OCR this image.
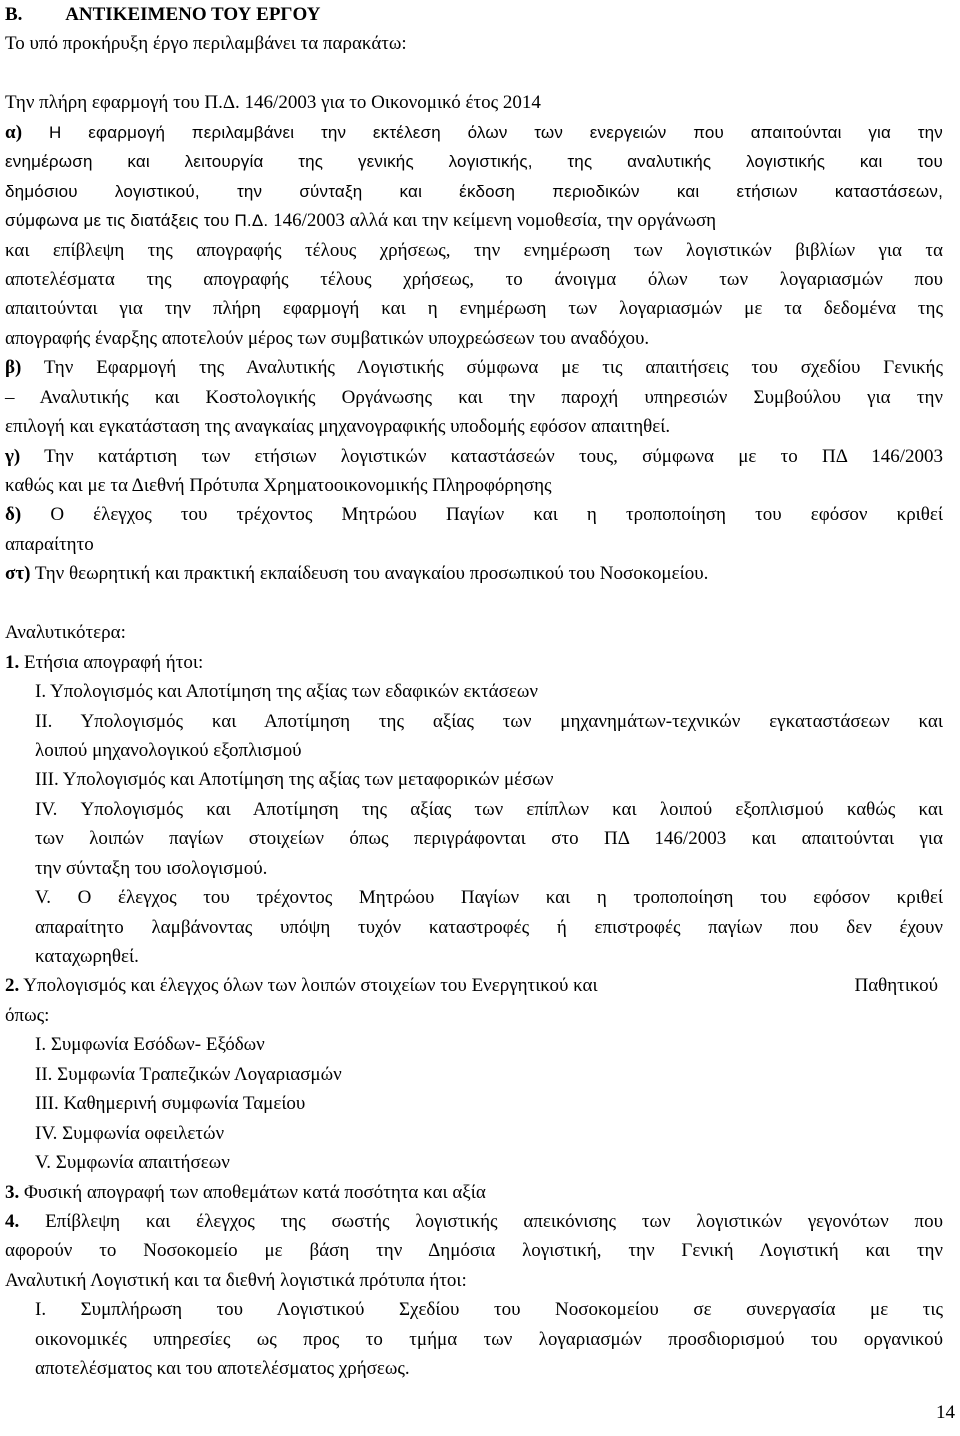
Β. ΑΝΤΙΚΕΙΜΕΝΟ ΤΟΥ ΕΡΓΟΥ
Το υπό προκήρυξη έργο περιλαμβάνει τα παρακάτω:
Την πλήρη εφαρμογή του Π.Δ. 146/2003 για το Οικονομικό έτος 2014
α) Η εφαρμογή περιλαμβάνει την εκτέλεση όλων των ενεργειών που απαιτούνται για την
ενημέρωση και λειτουργία της γενικής λογιστικής, της αναλυτικής λογιστικής και του
δημόσιου λογιστικού, την σύνταξη και έκδοση περιοδικών και ετήσιων καταστάσεων,
σύμφωνα με τις διατάξεις του Π.Δ. 146/2003 αλλά και την κείμενη νομοθεσία, την οργάνωση
και επίβλεψη της απογραφής τέλους χρήσεως, την ενημέρωση των λογιστικών βιβλίων για τα
αποτελέσματα της απογραφής τέλους χρήσεως, το άνοιγμα όλων των λογαριασμών που
απαιτούνται για την πλήρη εφαρμογή και η ενημέρωση των λογαριασμών με τα δεδομένα της
απογραφής έναρξης αποτελούν μέρος των συμβατικών υποχρεώσεων του αναδόχου.
β) Την Εφαρμογή της Αναλυτικής Λογιστικής σύμφωνα με τις απαιτήσεις του σχεδίου Γενικής
– Αναλυτικής και Κοστολογικής Οργάνωσης και την παροχή υπηρεσιών Συμβούλου για την
επιλογή και εγκατάσταση της αναγκαίας μηχανογραφικής υποδομής εφόσον απαιτηθεί.
γ) Την κατάρτιση των ετήσιων λογιστικών καταστάσεών τους, σύμφωνα με το ΠΔ 146/2003
καθώς και με τα Διεθνή Πρότυπα Χρηματοοικονομικής Πληροφόρησης
δ) Ο έλεγχος του τρέχοντος Μητρώου Παγίων και η τροποποίηση του εφόσον κριθεί
απαραίτητο
στ) Την θεωρητική και πρακτική εκπαίδευση του αναγκαίου προσωπικού του Νοσοκομείου.
Αναλυτικότερα:
1. Ετήσια απογραφή ήτοι:
Ι. Υπολογισμός και Αποτίμηση της αξίας των εδαφικών εκτάσεων
ΙΙ. Υπολογισμός και Αποτίμηση της αξίας των μηχανημάτων-τεχνικών εγκαταστάσεων και
λοιπού μηχανολογικού εξοπλισμού
ΙΙΙ. Υπολογισμός και Αποτίμηση της αξίας των μεταφορικών μέσων
IV. Υπολογισμός και Αποτίμηση της αξίας των επίπλων και λοιπού εξοπλισμού καθώς και
των λοιπών παγίων στοιχείων όπως περιγράφονται στο ΠΔ 146/2003 και απαιτούνται για
την σύνταξη του ισολογισμού.
V. Ο έλεγχος του τρέχοντος Μητρώου Παγίων και η τροποποίηση του εφόσον κριθεί
απαραίτητο λαμβάνοντας υπόψη τυχόν καταστροφές ή επιστροφές παγίων που δεν έχουν
καταχωρηθεί.
2. Υπολογισμός και έλεγχος όλων των λοιπών στοιχείων του Ενεργητικού και	Παθητικού
όπως:
Ι. Συμφωνία Εσόδων- Εξόδων
ΙΙ. Συμφωνία Τραπεζικών Λογαριασμών
ΙΙΙ. Καθημερινή συμφωνία Ταμείου
IV. Συμφωνία οφειλετών
V. Συμφωνία απαιτήσεων
3. Φυσική απογραφή των αποθεμάτων κατά ποσότητα και αξία
4. Επίβλεψη και έλεγχος της σωστής λογιστικής απεικόνισης των λογιστικών γεγονότων που
αφορούν το Νοσοκομείο με βάση την Δημόσια λογιστική, την Γενική Λογιστική και την
Αναλυτική Λογιστική και τα διεθνή λογιστικά πρότυπα ήτοι:
Ι. Συμπλήρωση του Λογιστικού Σχεδίου του Νοσοκομείου σε συνεργασία με τις
οικονομικές υπηρεσίες ως προς το τμήμα των λογαριασμών προσδιορισμού του οργανικού
αποτελέσματος και του αποτελέσματος χρήσεως.
14
